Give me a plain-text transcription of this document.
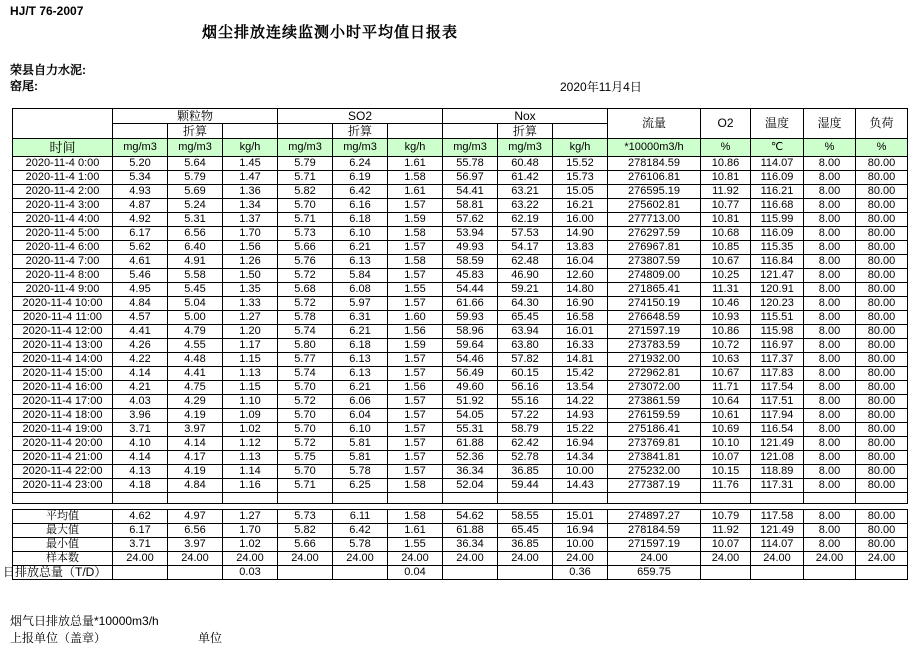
HJ/T 76-2007
烟尘排放连续监测小时平均值日报表
荣县自力水泥:
窑尾:	2020年11月4日
	颗粒物			SO2			Nox			流量	O2	温度	湿度	负荷
		折算			折算			折算						
时间	mg/m3	mg/m3	kg/h	mg/m3	mg/m3	kg/h	mg/m3	mg/m3	kg/h	*10000m3/h	%	℃	%	%
2020-11-4 0:00	5.20	5.64	1.45	5.79	6.24	1.61	55.78	60.48	15.52	278184.59	10.86	114.07	8.00	80.00
2020-11-4 1:00	5.34	5.79	1.47	5.71	6.19	1.58	56.97	61.42	15.73	276106.81	10.81	116.09	8.00	80.00
2020-11-4 2:00	4.93	5.69	1.36	5.82	6.42	1.61	54.41	63.21	15.05	276595.19	11.92	116.21	8.00	80.00
2020-11-4 3:00	4.87	5.24	1.34	5.70	6.16	1.57	58.81	63.22	16.21	275602.81	10.77	116.68	8.00	80.00
2020-11-4 4:00	4.92	5.31	1.37	5.71	6.18	1.59	57.62	62.19	16.00	277713.00	10.81	115.99	8.00	80.00
2020-11-4 5:00	6.17	6.56	1.70	5.73	6.10	1.58	53.94	57.53	14.90	276297.59	10.68	116.09	8.00	80.00
2020-11-4 6:00	5.62	6.40	1.56	5.66	6.21	1.57	49.93	54.17	13.83	276967.81	10.85	115.35	8.00	80.00
2020-11-4 7:00	4.61	4.91	1.26	5.76	6.13	1.58	58.59	62.48	16.04	273807.59	10.67	116.84	8.00	80.00
2020-11-4 8:00	5.46	5.58	1.50	5.72	5.84	1.57	45.83	46.90	12.60	274809.00	10.25	121.47	8.00	80.00
2020-11-4 9:00	4.95	5.45	1.35	5.68	6.08	1.55	54.44	59.21	14.80	271865.41	11.31	120.91	8.00	80.00
2020-11-4 10:00	4.84	5.04	1.33	5.72	5.97	1.57	61.66	64.30	16.90	274150.19	10.46	120.23	8.00	80.00
2020-11-4 11:00	4.57	5.00	1.27	5.78	6.31	1.60	59.93	65.45	16.58	276648.59	10.93	115.51	8.00	80.00
2020-11-4 12:00	4.41	4.79	1.20	5.74	6.21	1.56	58.96	63.94	16.01	271597.19	10.86	115.98	8.00	80.00
2020-11-4 13:00	4.26	4.55	1.17	5.80	6.18	1.59	59.64	63.80	16.33	273783.59	10.72	116.97	8.00	80.00
2020-11-4 14:00	4.22	4.48	1.15	5.77	6.13	1.57	54.46	57.82	14.81	271932.00	10.63	117.37	8.00	80.00
2020-11-4 15:00	4.14	4.41	1.13	5.74	6.13	1.57	56.49	60.15	15.42	272962.81	10.67	117.83	8.00	80.00
2020-11-4 16:00	4.21	4.75	1.15	5.70	6.21	1.56	49.60	56.16	13.54	273072.00	11.71	117.54	8.00	80.00
2020-11-4 17:00	4.03	4.29	1.10	5.72	6.06	1.57	51.92	55.16	14.22	273861.59	10.64	117.51	8.00	80.00
2020-11-4 18:00	3.96	4.19	1.09	5.70	6.04	1.57	54.05	57.22	14.93	276159.59	10.61	117.94	8.00	80.00
2020-11-4 19:00	3.71	3.97	1.02	5.70	6.10	1.57	55.31	58.79	15.22	275186.41	10.69	116.54	8.00	80.00
2020-11-4 20:00	4.10	4.14	1.12	5.72	5.81	1.57	61.88	62.42	16.94	273769.81	10.10	121.49	8.00	80.00
2020-11-4 21:00	4.14	4.17	1.13	5.75	5.81	1.57	52.36	52.78	14.34	273841.81	10.07	121.08	8.00	80.00
2020-11-4 22:00	4.13	4.19	1.14	5.70	5.78	1.57	36.34	36.85	10.00	275232.00	10.15	118.89	8.00	80.00
2020-11-4 23:00	4.18	4.84	1.16	5.71	6.25	1.58	52.04	59.44	14.43	277387.19	11.76	117.31	8.00	80.00

平均值	4.62	4.97	1.27	5.73	6.11	1.58	54.62	58.55	15.01	274897.27	10.79	117.58	8.00	80.00
最大值	6.17	6.56	1.70	5.82	6.42	1.61	61.88	65.45	16.94	278184.59	11.92	121.49	8.00	80.00
最小值	3.71	3.97	1.02	5.66	5.78	1.55	36.34	36.85	10.00	271597.19	10.07	114.07	8.00	80.00
样本数	24.00	24.00	24.00	24.00	24.00	24.00	24.00	24.00	24.00	24.00	24.00	24.00	24.00	24.00
日排放总量（T/D）			0.03			0.04			0.36	659.75				
烟气日排放总量*10000m3/h
上报单位（盖章）	单位
